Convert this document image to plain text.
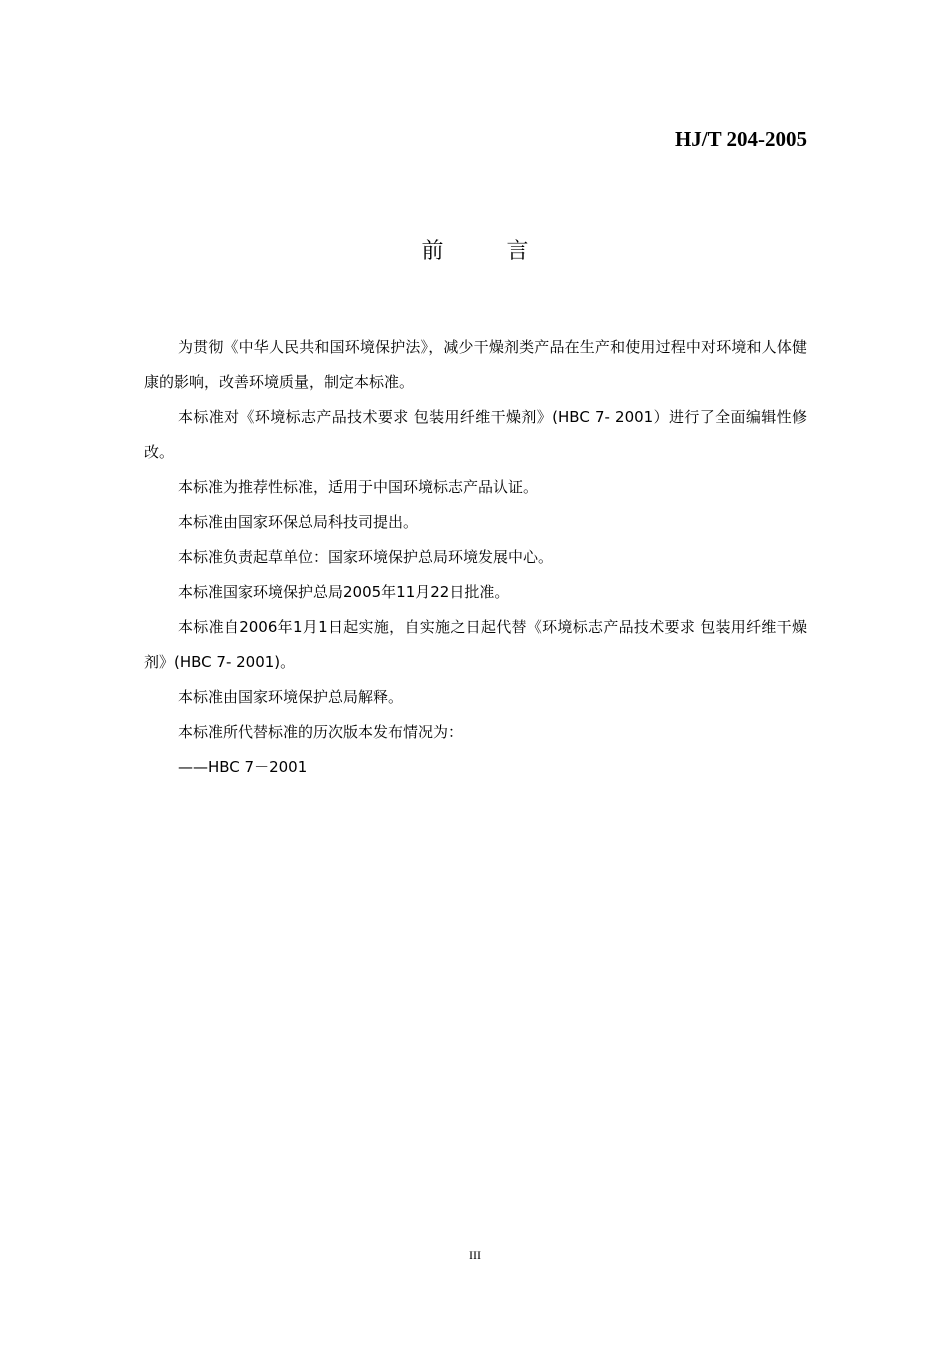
HJ/T 204-2005
前 言

为贯彻《中华人民共和国环境保护法》，减少干燥剂类产品在生产和使用过程中对环境和人体健康的影响，改善环境质量，制定本标准。

本标准对《环境标志产品技术要求 包装用纤维干燥剂》(HBC 7- 2001）进行了全面编辑性修改。

本标准为推荐性标准，适用于中国环境标志产品认证。

本标准由国家环保总局科技司提出。

本标准负责起草单位：国家环境保护总局环境发展中心。

本标准国家环境保护总局2005年11月22日批准。

本标准自2006年1月1日起实施，自实施之日起代替《环境标志产品技术要求 包装用纤维干燥剂》(HBC 7- 2001)。

本标准由国家环境保护总局解释。

本标准所代替标准的历次版本发布情况为：

——HBC 7－2001

III
